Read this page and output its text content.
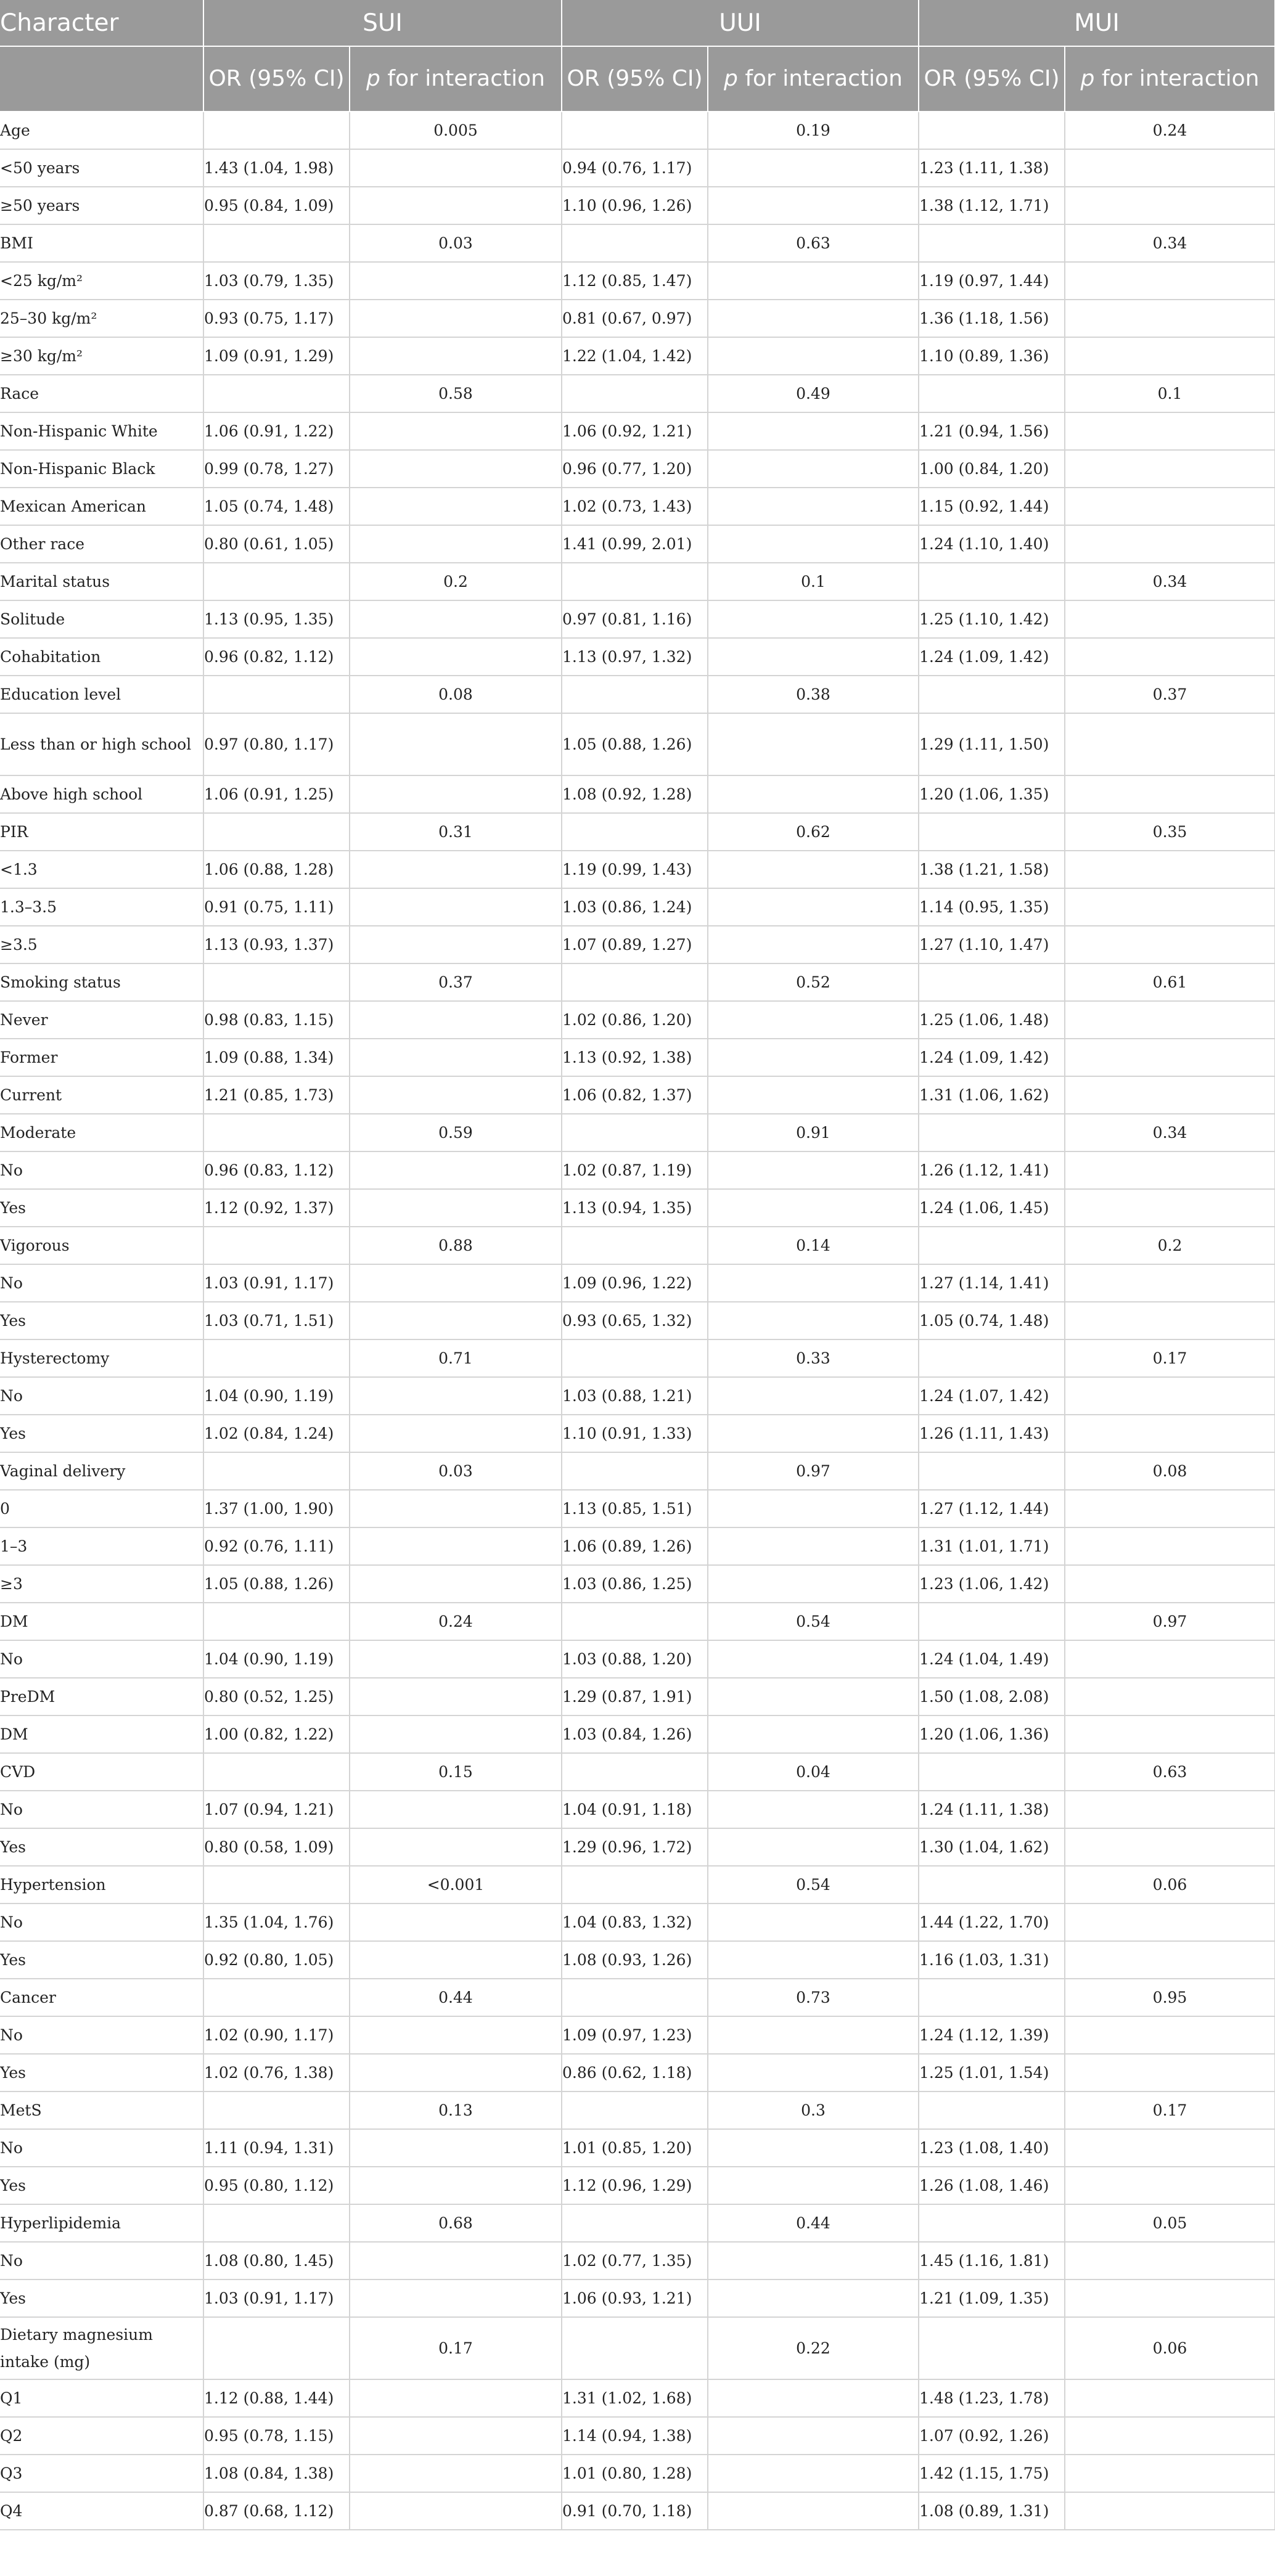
Character	SUI		UUI		MUI	
	OR (95% CI)	p for interaction	OR (95% CI)	p for interaction	OR (95% CI)	p for interaction
Age		0.005		0.19		0.24
<50 years	1.43 (1.04, 1.98)		0.94 (0.76, 1.17)		1.23 (1.11, 1.38)	
≥50 years	0.95 (0.84, 1.09)		1.10 (0.96, 1.26)		1.38 (1.12, 1.71)	
BMI		0.03		0.63		0.34
<25 kg/m²	1.03 (0.79, 1.35)		1.12 (0.85, 1.47)		1.19 (0.97, 1.44)	
25–30 kg/m²	0.93 (0.75, 1.17)		0.81 (0.67, 0.97)		1.36 (1.18, 1.56)	
≥30 kg/m²	1.09 (0.91, 1.29)		1.22 (1.04, 1.42)		1.10 (0.89, 1.36)	
Race		0.58		0.49		0.1
Non-Hispanic White	1.06 (0.91, 1.22)		1.06 (0.92, 1.21)		1.21 (0.94, 1.56)	
Non-Hispanic Black	0.99 (0.78, 1.27)		0.96 (0.77, 1.20)		1.00 (0.84, 1.20)	
Mexican American	1.05 (0.74, 1.48)		1.02 (0.73, 1.43)		1.15 (0.92, 1.44)	
Other race	0.80 (0.61, 1.05)		1.41 (0.99, 2.01)		1.24 (1.10, 1.40)	
Marital status		0.2		0.1		0.34
Solitude	1.13 (0.95, 1.35)		0.97 (0.81, 1.16)		1.25 (1.10, 1.42)	
Cohabitation	0.96 (0.82, 1.12)		1.13 (0.97, 1.32)		1.24 (1.09, 1.42)	
Education level		0.08		0.38		0.37
Less than or high school	0.97 (0.80, 1.17)		1.05 (0.88, 1.26)		1.29 (1.11, 1.50)	
Above high school	1.06 (0.91, 1.25)		1.08 (0.92, 1.28)		1.20 (1.06, 1.35)	
PIR		0.31		0.62		0.35
<1.3	1.06 (0.88, 1.28)		1.19 (0.99, 1.43)		1.38 (1.21, 1.58)	
1.3–3.5	0.91 (0.75, 1.11)		1.03 (0.86, 1.24)		1.14 (0.95, 1.35)	
≥3.5	1.13 (0.93, 1.37)		1.07 (0.89, 1.27)		1.27 (1.10, 1.47)	
Smoking status		0.37		0.52		0.61
Never	0.98 (0.83, 1.15)		1.02 (0.86, 1.20)		1.25 (1.06, 1.48)	
Former	1.09 (0.88, 1.34)		1.13 (0.92, 1.38)		1.24 (1.09, 1.42)	
Current	1.21 (0.85, 1.73)		1.06 (0.82, 1.37)		1.31 (1.06, 1.62)	
Moderate		0.59		0.91		0.34
No	0.96 (0.83, 1.12)		1.02 (0.87, 1.19)		1.26 (1.12, 1.41)	
Yes	1.12 (0.92, 1.37)		1.13 (0.94, 1.35)		1.24 (1.06, 1.45)	
Vigorous		0.88		0.14		0.2
No	1.03 (0.91, 1.17)		1.09 (0.96, 1.22)		1.27 (1.14, 1.41)	
Yes	1.03 (0.71, 1.51)		0.93 (0.65, 1.32)		1.05 (0.74, 1.48)	
Hysterectomy		0.71		0.33		0.17
No	1.04 (0.90, 1.19)		1.03 (0.88, 1.21)		1.24 (1.07, 1.42)	
Yes	1.02 (0.84, 1.24)		1.10 (0.91, 1.33)		1.26 (1.11, 1.43)	
Vaginal delivery		0.03		0.97		0.08
0	1.37 (1.00, 1.90)		1.13 (0.85, 1.51)		1.27 (1.12, 1.44)	
1–3	0.92 (0.76, 1.11)		1.06 (0.89, 1.26)		1.31 (1.01, 1.71)	
≥3	1.05 (0.88, 1.26)		1.03 (0.86, 1.25)		1.23 (1.06, 1.42)	
DM		0.24		0.54		0.97
No	1.04 (0.90, 1.19)		1.03 (0.88, 1.20)		1.24 (1.04, 1.49)	
PreDM	0.80 (0.52, 1.25)		1.29 (0.87, 1.91)		1.50 (1.08, 2.08)	
DM	1.00 (0.82, 1.22)		1.03 (0.84, 1.26)		1.20 (1.06, 1.36)	
CVD		0.15		0.04		0.63
No	1.07 (0.94, 1.21)		1.04 (0.91, 1.18)		1.24 (1.11, 1.38)	
Yes	0.80 (0.58, 1.09)		1.29 (0.96, 1.72)		1.30 (1.04, 1.62)	
Hypertension		<0.001		0.54		0.06
No	1.35 (1.04, 1.76)		1.04 (0.83, 1.32)		1.44 (1.22, 1.70)	
Yes	0.92 (0.80, 1.05)		1.08 (0.93, 1.26)		1.16 (1.03, 1.31)	
Cancer		0.44		0.73		0.95
No	1.02 (0.90, 1.17)		1.09 (0.97, 1.23)		1.24 (1.12, 1.39)	
Yes	1.02 (0.76, 1.38)		0.86 (0.62, 1.18)		1.25 (1.01, 1.54)	
MetS		0.13		0.3		0.17
No	1.11 (0.94, 1.31)		1.01 (0.85, 1.20)		1.23 (1.08, 1.40)	
Yes	0.95 (0.80, 1.12)		1.12 (0.96, 1.29)		1.26 (1.08, 1.46)	
Hyperlipidemia		0.68		0.44		0.05
No	1.08 (0.80, 1.45)		1.02 (0.77, 1.35)		1.45 (1.16, 1.81)	
Yes	1.03 (0.91, 1.17)		1.06 (0.93, 1.21)		1.21 (1.09, 1.35)	
Dietary magnesium intake (mg)		0.17		0.22		0.06
Q1	1.12 (0.88, 1.44)		1.31 (1.02, 1.68)		1.48 (1.23, 1.78)	
Q2	0.95 (0.78, 1.15)		1.14 (0.94, 1.38)		1.07 (0.92, 1.26)	
Q3	1.08 (0.84, 1.38)		1.01 (0.80, 1.28)		1.42 (1.15, 1.75)	
Q4	0.87 (0.68, 1.12)		0.91 (0.70, 1.18)		1.08 (0.89, 1.31)	
